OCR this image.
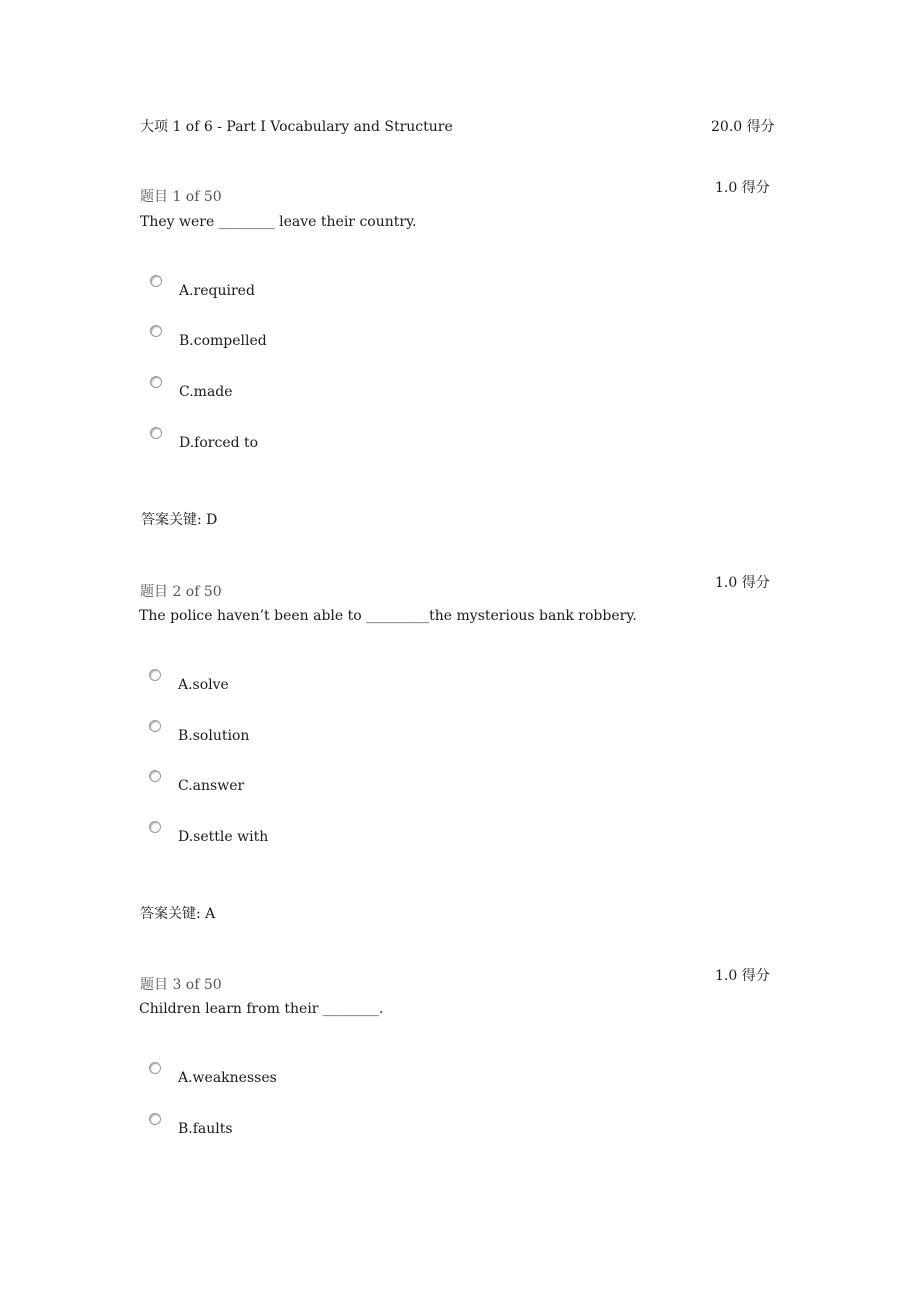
大项 1 of 6 - Part I Vocabulary and Structure	20.0 得分
1.0 得分
题目 1 of 50
They were ________ leave their country.
A.required
B.compelled
C.made
D.forced to
答案关键: D
1.0 得分
题目 2 of 50
The police haven’t been able to _________the mysterious bank robbery.
A.solve
B.solution
C.answer
D.settle with
答案关键: A
1.0 得分
题目 3 of 50
Children learn from their ________.
A.weaknesses
B.faults
